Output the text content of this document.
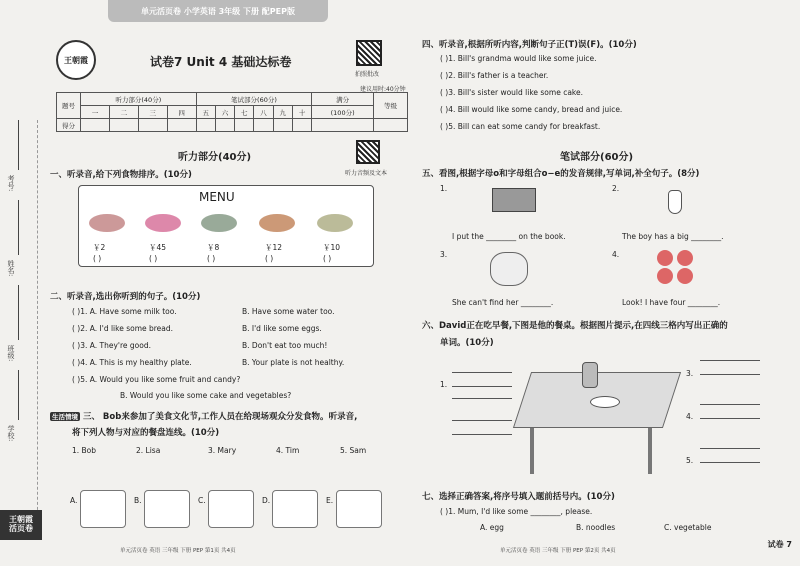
单元活页卷 小学英语 3年级 下册 配PEP版
考号:
姓名:
班级:
学校:
王朝霞
活页卷
王朝霞	试卷7 Unit 4 基础达标卷
拍照批改
建议用时:40分钟
题号	听力部分(40分)				笔试部分(60分)						满分	等级
	一	二	三	四	五	六	七	八	九	十	(100分)	
得分												
听力部分(40分)
听力音频及文本
一、听录音,给下列食物排序。(10分)
MENU
￥2	￥45	￥8	￥12	￥10
( )	( )	( )	( )	( )
二、听录音,选出你听到的句子。(10分)
( )1. A. Have some milk too.	B. Have some water too.
( )2. A. I'd like some bread.	B. I'd like some eggs.
( )3. A. They're good.	B. Don't eat too much!
( )4. A. This is my healthy plate.	B. Your plate is not healthy.
( )5. A. Would you like some fruit and candy?
B. Would you like some cake and vegetables?
生活情境 三、 Bob来参加了美食文化节,工作人员在给现场观众分发食物。听录音,
将下列人物与对应的餐盘连线。(10分)
1. Bob	2. Lisa	3. Mary	4. Tim	5. Sam
A.	B.	C.	D.	E.
单元活页卷 英语 三年级 下册 PEP 第1页 共4页
四、听录音,根据所听内容,判断句子正(T)误(F)。(10分)
( )1. Bill's grandma would like some juice.
( )2. Bill's father is a teacher.
( )3. Bill's sister would like some cake.
( )4. Bill would like some candy, bread and juice.
( )5. Bill can eat some candy for breakfast.
笔试部分(60分)
五、看图,根据字母o和字母组合o−e的发音规律,写单词,补全句子。(8分)
1.	2.
I put the ________ on the book.	The boy has a big ________.
3.	4.
She can't find her ________.	Look! I have four ________.
六、David正在吃早餐,下图是他的餐桌。根据图片提示,在四线三格内写出正确的
单词。(10分)
1.
3.
4.
5.
七、选择正确答案,将序号填入题前括号内。(10分)
( )1. Mum, I'd like some ________, please.
A. egg	B. noodles	C. vegetable
单元活页卷 英语 三年级 下册 PEP 第2页 共4页
试卷 7
